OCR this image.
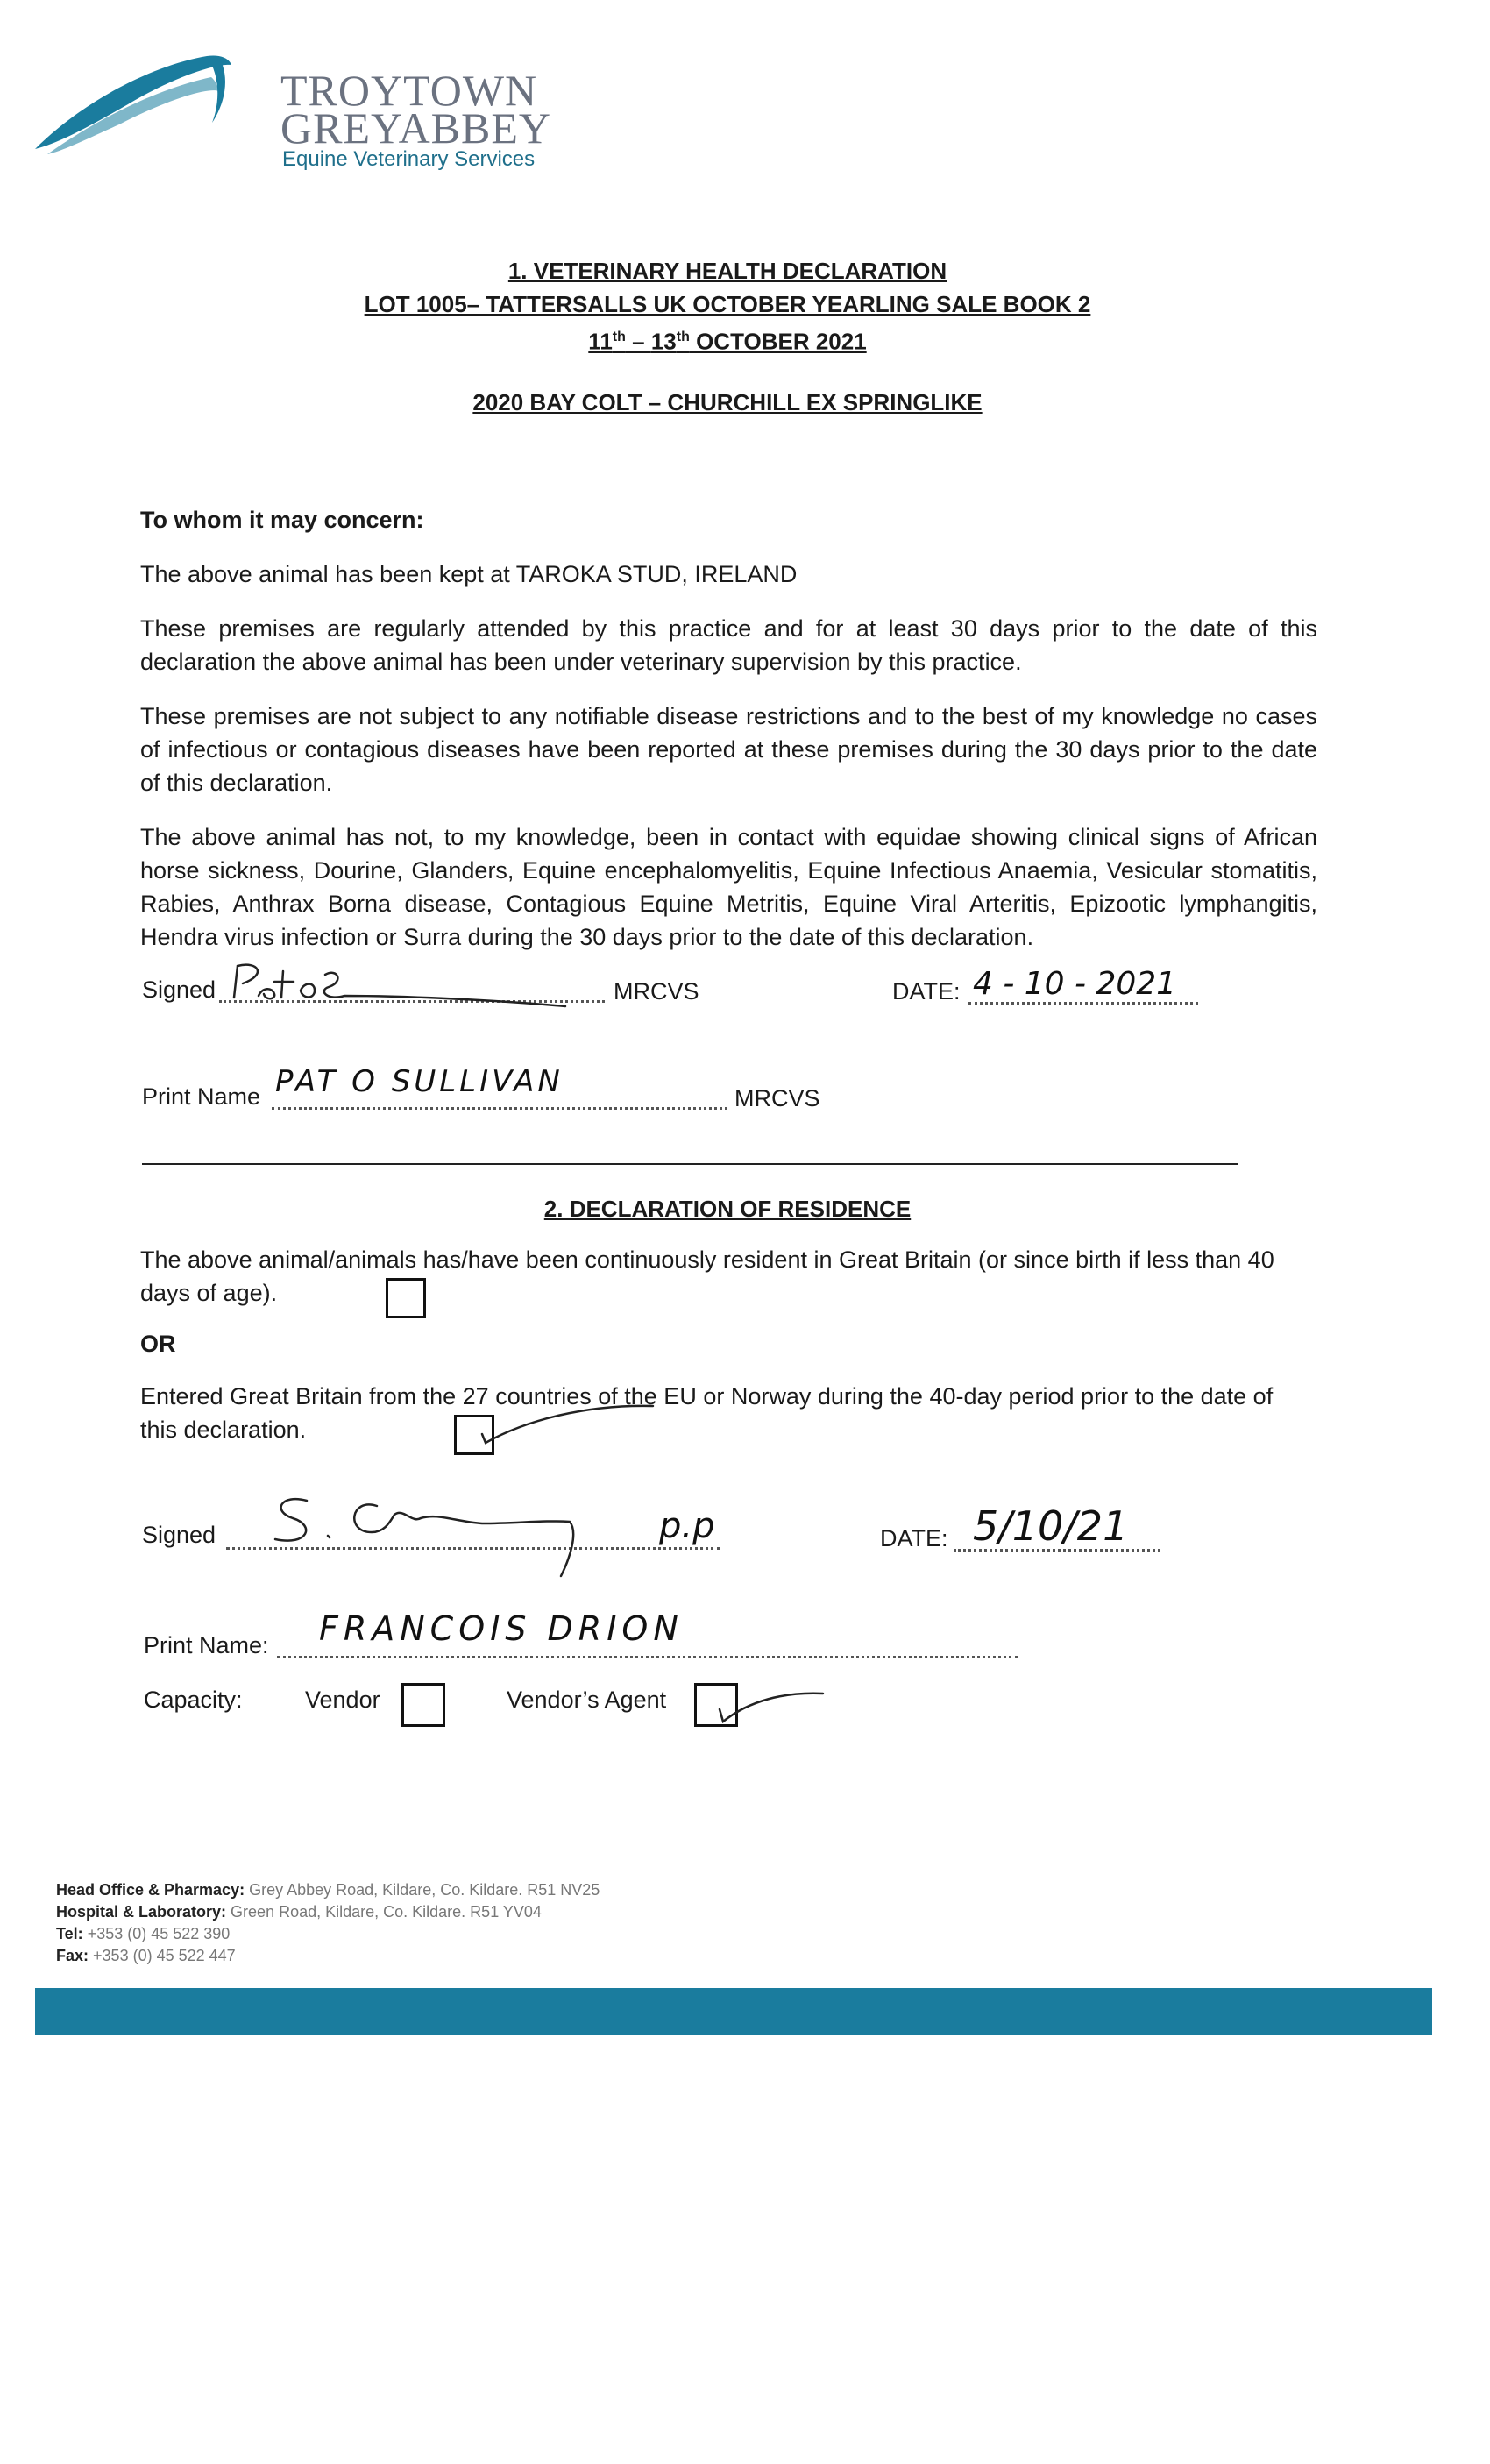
TROYTOWN
GREYABBEY
Equine Veterinary Services
1. VETERINARY HEALTH DECLARATION
LOT 1005– TATTERSALLS UK OCTOBER YEARLING SALE BOOK 2
11th – 13th OCTOBER 2021
2020 BAY COLT – CHURCHILL EX SPRINGLIKE
To whom it may concern:
The above animal has been kept at TAROKA STUD, IRELAND
These premises are regularly attended by this practice and for at least 30 days prior to the date of this declaration the above animal has been under veterinary supervision by this practice.
These premises are not subject to any notifiable disease restrictions and to the best of my knowledge no cases of infectious or contagious diseases have been reported at these premises during the 30 days prior to the date of this declaration.
The above animal has not, to my knowledge, been in contact with equidae showing clinical signs of African horse sickness, Dourine, Glanders, Equine encephalomyelitis, Equine Infectious Anaemia, Vesicular stomatitis, Rabies, Anthrax Borna disease, Contagious Equine Metritis, Equine Viral Arteritis, Epizootic lymphangitis, Hendra virus infection or Surra during the 30 days prior to the date of this declaration.
Signed	MRCVS	DATE: 4 - 10 - 2021
Print Name PAT O SULLIVAN	MRCVS
2. DECLARATION OF RESIDENCE
The above animal/animals has/have been continuously resident in Great Britain (or since birth if less than 40 days of age).
OR
Entered Great Britain from the 27 countries of the EU or Norway during the 40-day period prior to the date of this declaration.
Signed	p.p	DATE: 5/10/21
Print Name: FRANCOIS DRION
Capacity:	Vendor	Vendor’s Agent
Head Office & Pharmacy: Grey Abbey Road, Kildare, Co. Kildare. R51 NV25
Hospital & Laboratory: Green Road, Kildare, Co. Kildare. R51 YV04
Tel: +353 (0) 45 522 390
Fax: +353 (0) 45 522 447
